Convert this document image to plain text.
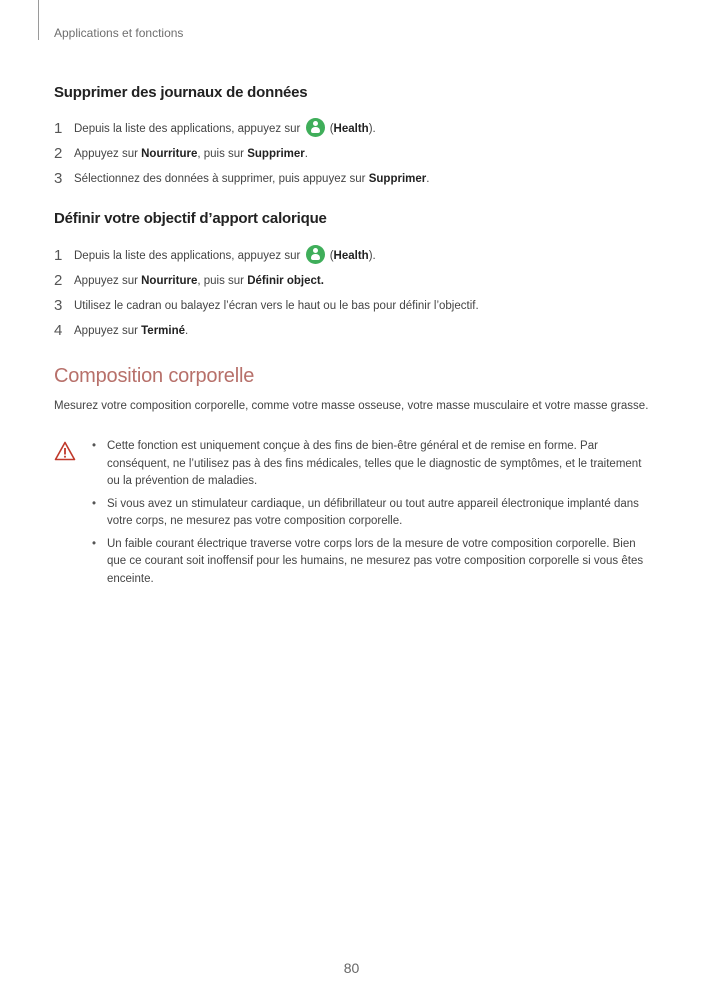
Applications et fonctions
Supprimer des journaux de données
1 Depuis la liste des applications, appuyez sur  (Health).
2 Appuyez sur Nourriture, puis sur Supprimer.
3 Sélectionnez des données à supprimer, puis appuyez sur Supprimer.
Définir votre objectif d’apport calorique
1 Depuis la liste des applications, appuyez sur  (Health).
2 Appuyez sur Nourriture, puis sur Définir object.
3 Utilisez le cadran ou balayez l’écran vers le haut ou le bas pour définir l’objectif.
4 Appuyez sur Terminé.
Composition corporelle
Mesurez votre composition corporelle, comme votre masse osseuse, votre masse musculaire et votre masse grasse.
• Cette fonction est uniquement conçue à des fins de bien-être général et de remise en forme. Par conséquent, ne l’utilisez pas à des fins médicales, telles que le diagnostic de symptômes, et le traitement ou la prévention de maladies.
• Si vous avez un stimulateur cardiaque, un défibrillateur ou tout autre appareil électronique implanté dans votre corps, ne mesurez pas votre composition corporelle.
• Un faible courant électrique traverse votre corps lors de la mesure de votre composition corporelle. Bien que ce courant soit inoffensif pour les humains, ne mesurez pas votre composition corporelle si vous êtes enceinte.
80
